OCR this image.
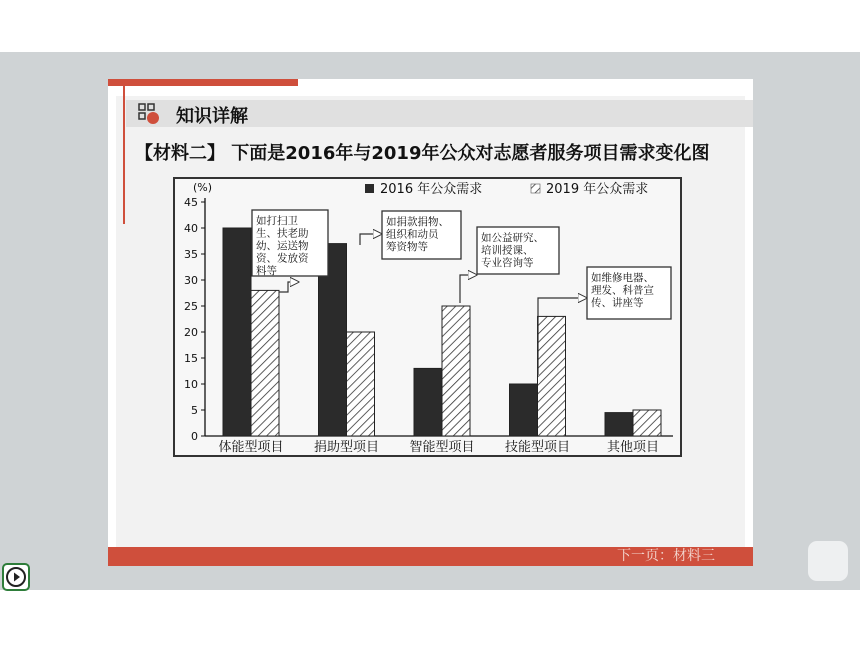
知识详解
【材料二】 下面是2016年与2019年公众对志愿者服务项目需求变化图
(%)
0
5
10
15
20
25
30
35
40
45
体能型项目 捐助型项目 智能型项目 技能型项目	其他项目
如打扫卫
生、扶老助
幼、运送物
资、发放资
料等
如捐款捐物、
组织和动员
筹资物等
如公益研究、
培训授课、
专业咨询等
如维修电器、
理发、科普宣
传、讲座等
2016 年公众需求	2019 年公众需求
下一页：材料三
